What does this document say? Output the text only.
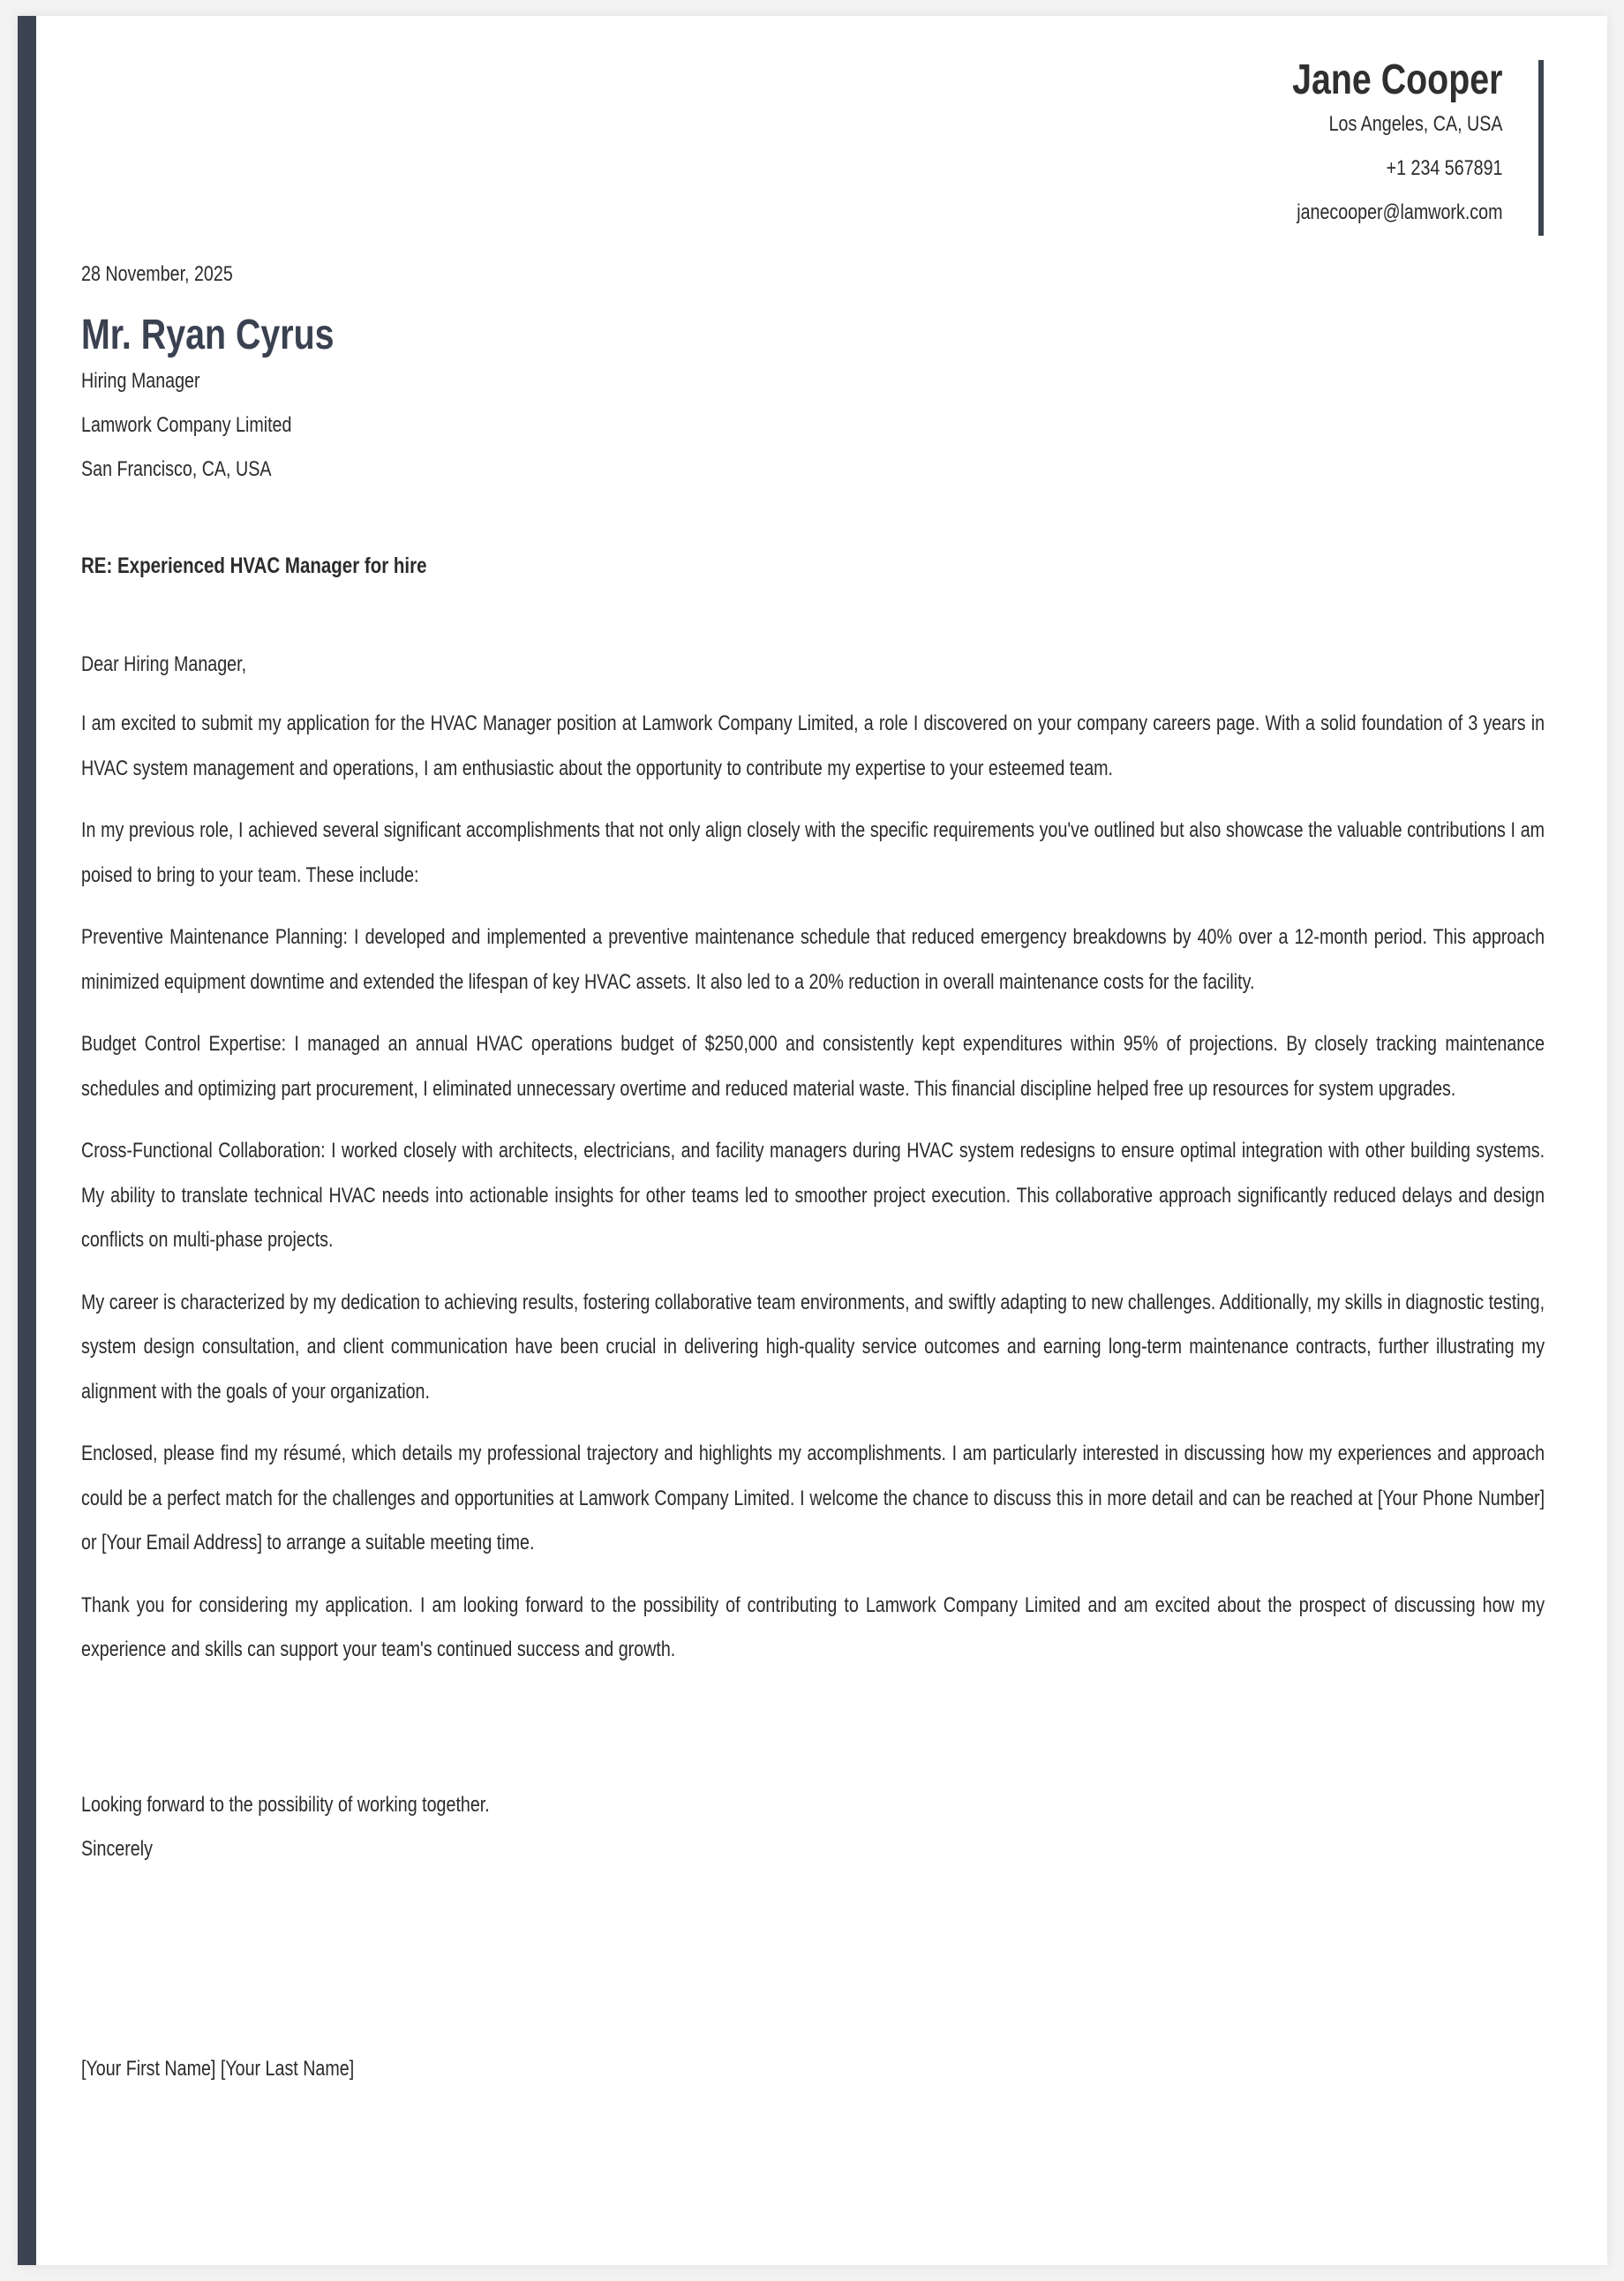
Jane Cooper
Los Angeles, CA, USA
+1 234 567891
janecooper@lamwork.com
28 November, 2025
Mr. Ryan Cyrus
Hiring Manager
Lamwork Company Limited
San Francisco, CA, USA
RE: Experienced HVAC Manager for hire
Dear Hiring Manager,

I am excited to submit my application for the HVAC Manager position at Lamwork Company Limited, a role I discovered on your company careers page. With a solid foundation of 3 years in HVAC system management and operations, I am enthusiastic about the opportunity to contribute my expertise to your esteemed team.

In my previous role, I achieved several significant accomplishments that not only align closely with the specific requirements you've outlined but also showcase the valuable contributions I am poised to bring to your team. These include:

Preventive Maintenance Planning: I developed and implemented a preventive maintenance schedule that reduced emergency breakdowns by 40% over a 12-month period. This approach minimized equipment downtime and extended the lifespan of key HVAC assets. It also led to a 20% reduction in overall maintenance costs for the facility.

Budget Control Expertise: I managed an annual HVAC operations budget of $250,000 and consistently kept expenditures within 95% of projections. By closely tracking maintenance schedules and optimizing part procurement, I eliminated unnecessary overtime and reduced material waste. This financial discipline helped free up resources for system upgrades.

Cross-Functional Collaboration: I worked closely with architects, electricians, and facility managers during HVAC system redesigns to ensure optimal integration with other building systems. My ability to translate technical HVAC needs into actionable insights for other teams led to smoother project execution. This collaborative approach significantly reduced delays and design conflicts on multi-phase projects.

My career is characterized by my dedication to achieving results, fostering collaborative team environments, and swiftly adapting to new challenges. Additionally, my skills in diagnostic testing, system design consultation, and client communication have been crucial in delivering high-quality service outcomes and earning long-term maintenance contracts, further illustrating my alignment with the goals of your organization.

Enclosed, please find my résumé, which details my professional trajectory and highlights my accomplishments. I am particularly interested in discussing how my experiences and approach could be a perfect match for the challenges and opportunities at Lamwork Company Limited. I welcome the chance to discuss this in more detail and can be reached at [Your Phone Number] or [Your Email Address] to arrange a suitable meeting time.

Thank you for considering my application. I am looking forward to the possibility of contributing to Lamwork Company Limited and am excited about the prospect of discussing how my experience and skills can support your team's continued success and growth.

Looking forward to the possibility of working together.
Sincerely
[Your First Name] [Your Last Name]
